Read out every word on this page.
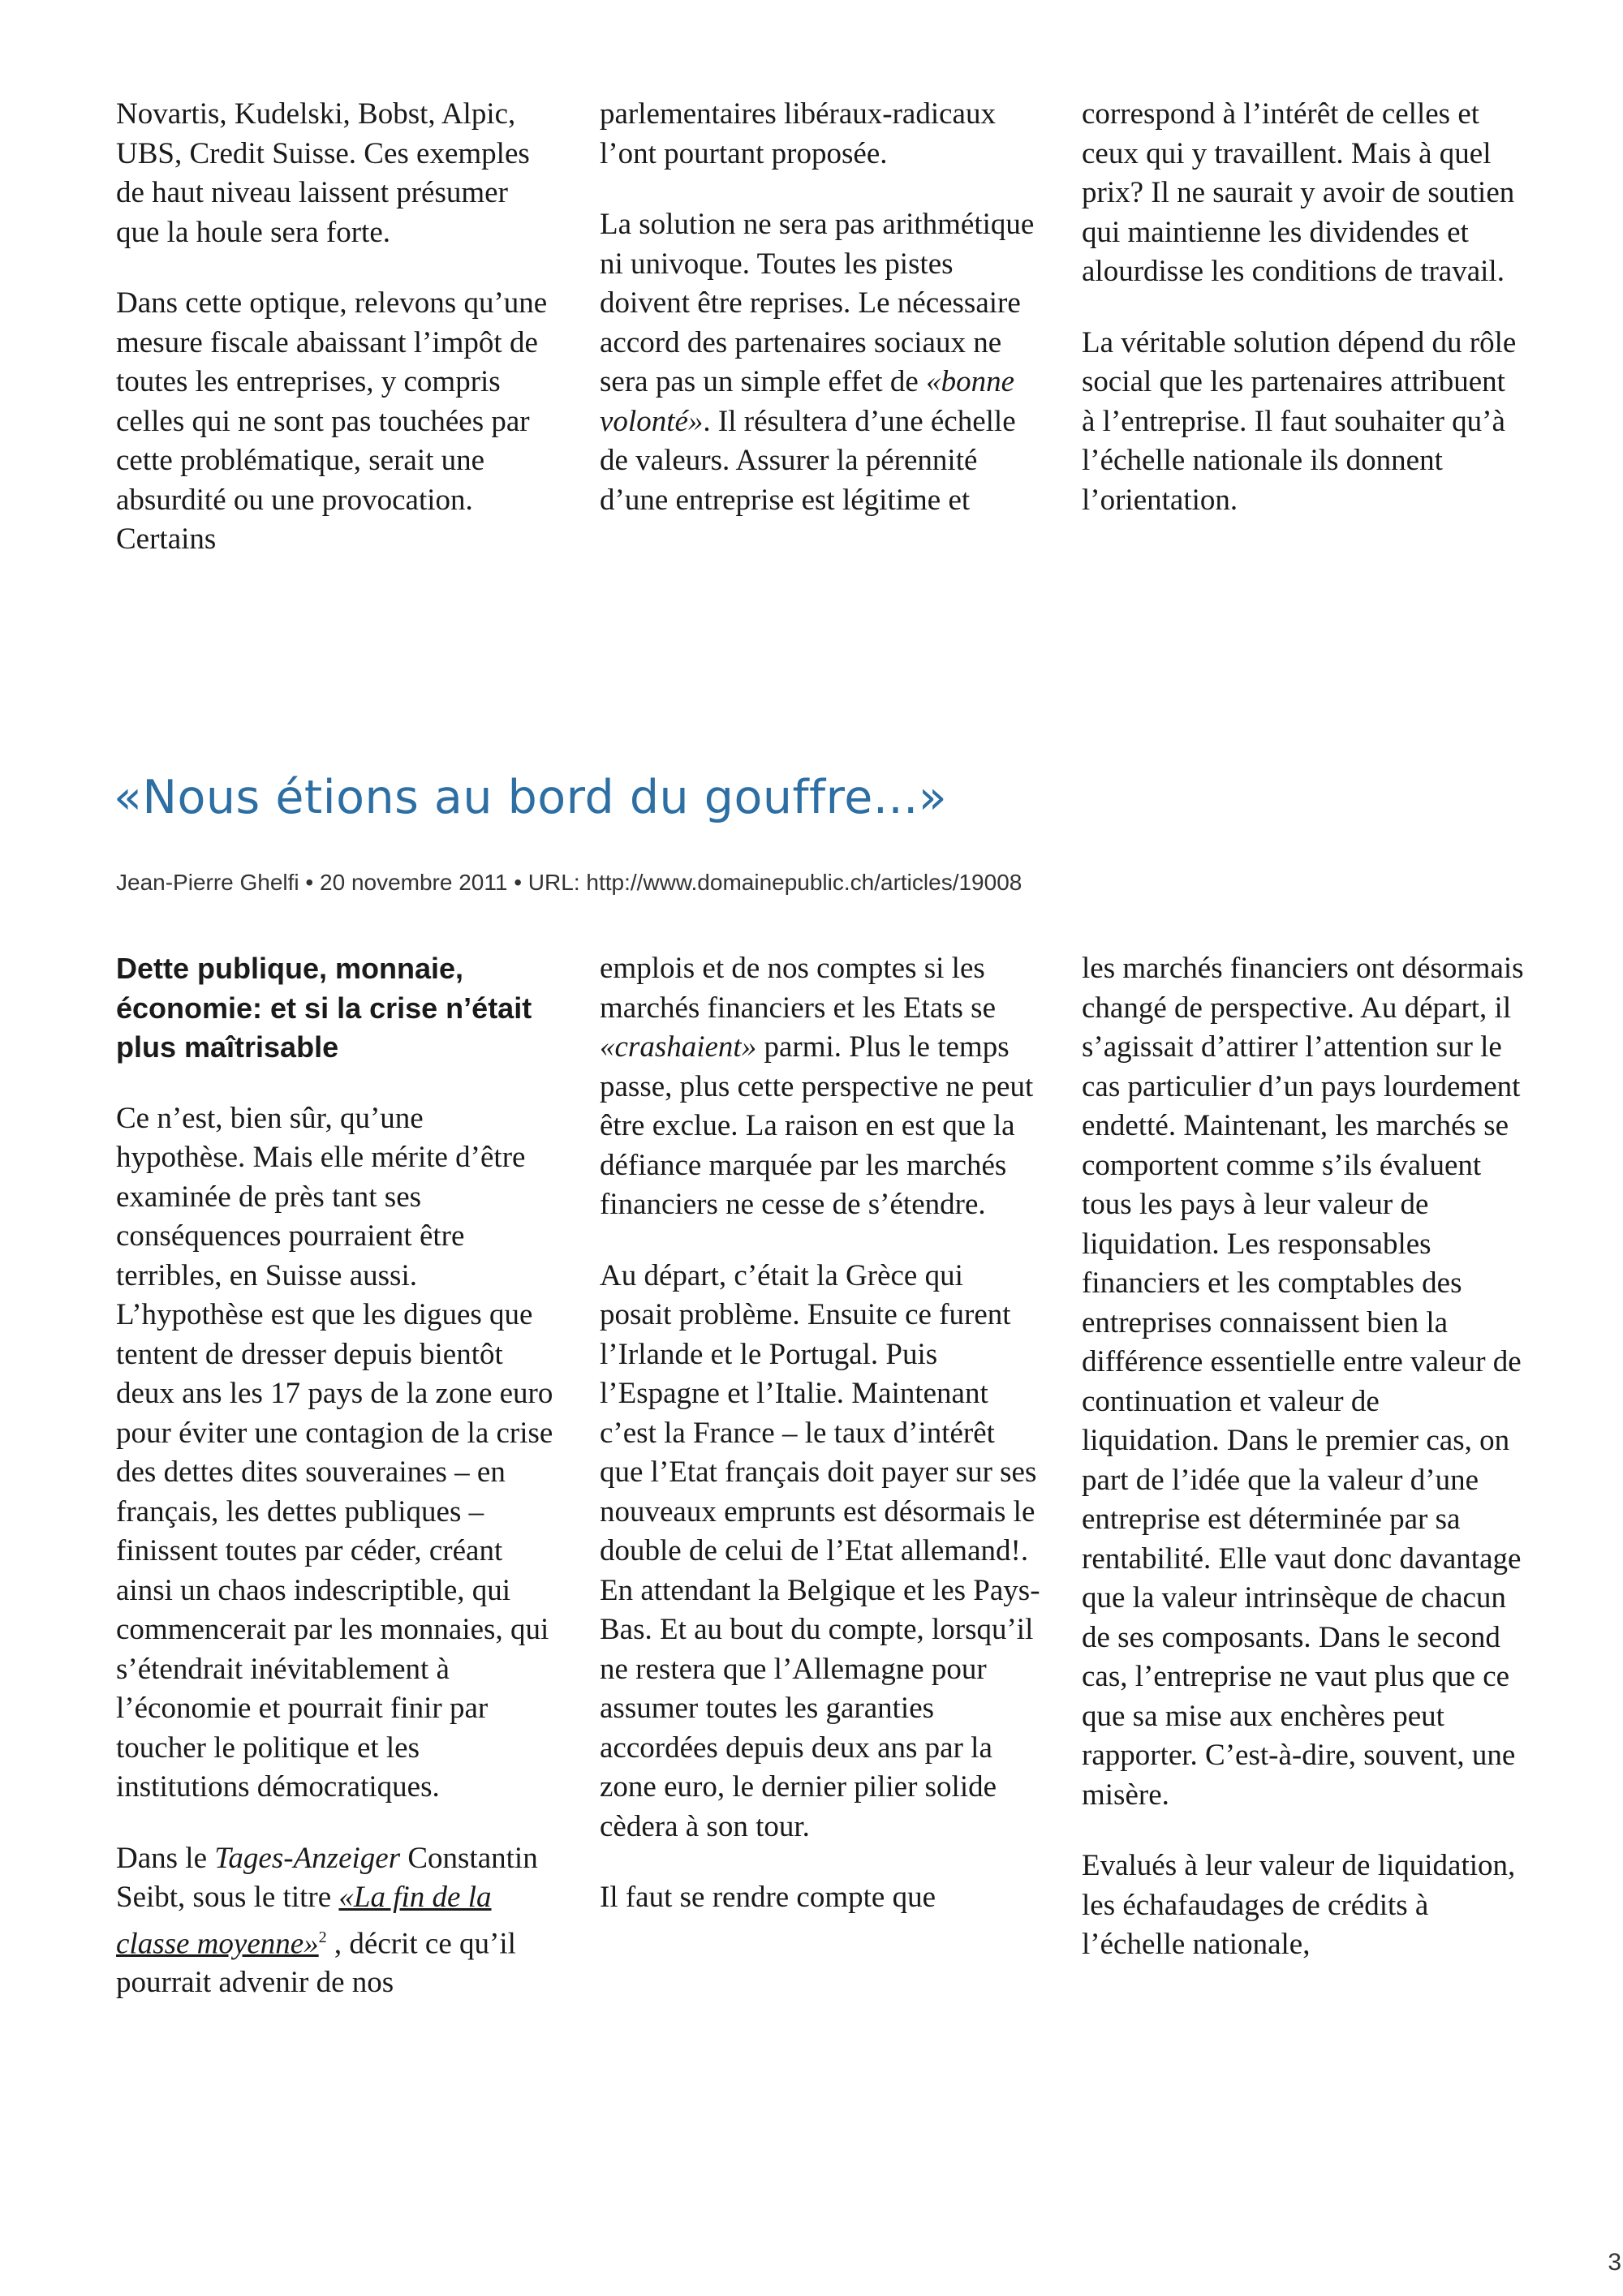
Novartis, Kudelski, Bobst, Alpic, UBS, Credit Suisse. Ces exemples de haut niveau laissent présumer que la houle sera forte.

Dans cette optique, relevons qu’une mesure fiscale abaissant l’impôt de toutes les entreprises, y compris celles qui ne sont pas touchées par cette problématique, serait une absurdité ou une provocation. Certains

parlementaires libéraux-radicaux l’ont pourtant proposée.

La solution ne sera pas arithmétique ni univoque. Toutes les pistes doivent être reprises. Le nécessaire accord des partenaires sociaux ne sera pas un simple effet de «bonne volonté». Il résultera d’une échelle de valeurs. Assurer la pérennité d’une entreprise est légitime et

correspond à l’intérêt de celles et ceux qui y travaillent. Mais à quel prix? Il ne saurait y avoir de soutien qui maintienne les dividendes et alourdisse les conditions de travail.

La véritable solution dépend du rôle social que les partenaires attribuent à l’entreprise. Il faut souhaiter qu’à l’échelle nationale ils donnent l’orientation.

«Nous étions au bord du gouffre...»
Jean-Pierre Ghelfi • 20 novembre 2011 • URL: http://www.domainepublic.ch/articles/19008

Dette publique, monnaie, économie: et si la crise n’était plus maîtrisable

Ce n’est, bien sûr, qu’une hypothèse. Mais elle mérite d’être examinée de près tant ses conséquences pourraient être terribles, en Suisse aussi. L’hypothèse est que les digues que tentent de dresser depuis bientôt deux ans les 17 pays de la zone euro pour éviter une contagion de la crise des dettes dites souveraines – en français, les dettes publiques – finissent toutes par céder, créant ainsi un chaos indescriptible, qui commencerait par les monnaies, qui s’étendrait inévitablement à l’économie et pourrait finir par toucher le politique et les institutions démocratiques.

Dans le Tages-Anzeiger Constantin Seibt, sous le titre «La fin de la classe moyenne»$^2$ , décrit ce qu’il pourrait advenir de nos

emplois et de nos comptes si les marchés financiers et les Etats se «crashaient» parmi. Plus le temps passe, plus cette perspective ne peut être exclue. La raison en est que la défiance marquée par les marchés financiers ne cesse de s’étendre.

Au départ, c’était la Grèce qui posait problème. Ensuite ce furent l’Irlande et le Portugal. Puis l’Espagne et l’Italie. Maintenant c’est la France – le taux d’intérêt que l’Etat français doit payer sur ses nouveaux emprunts est désormais le double de celui de l’Etat allemand!. En attendant la Belgique et les Pays-Bas. Et au bout du compte, lorsqu’il ne restera que l’Allemagne pour assumer toutes les garanties accordées depuis deux ans par la zone euro, le dernier pilier solide cèdera à son tour.

Il faut se rendre compte que

les marchés financiers ont désormais changé de perspective. Au départ, il s’agissait d’attirer l’attention sur le cas particulier d’un pays lourdement endetté. Maintenant, les marchés se comportent comme s’ils évaluent tous les pays à leur valeur de liquidation. Les responsables financiers et les comptables des entreprises connaissent bien la différence essentielle entre valeur de continuation et valeur de liquidation. Dans le premier cas, on part de l’idée que la valeur d’une entreprise est déterminée par sa rentabilité. Elle vaut donc davantage que la valeur intrinsèque de chacun de ses composants. Dans le second cas, l’entreprise ne vaut plus que ce que sa mise aux enchères peut rapporter. C’est-à-dire, souvent, une misère.

Evalués à leur valeur de liquidation, les échafaudages de crédits à l’échelle nationale,

3
